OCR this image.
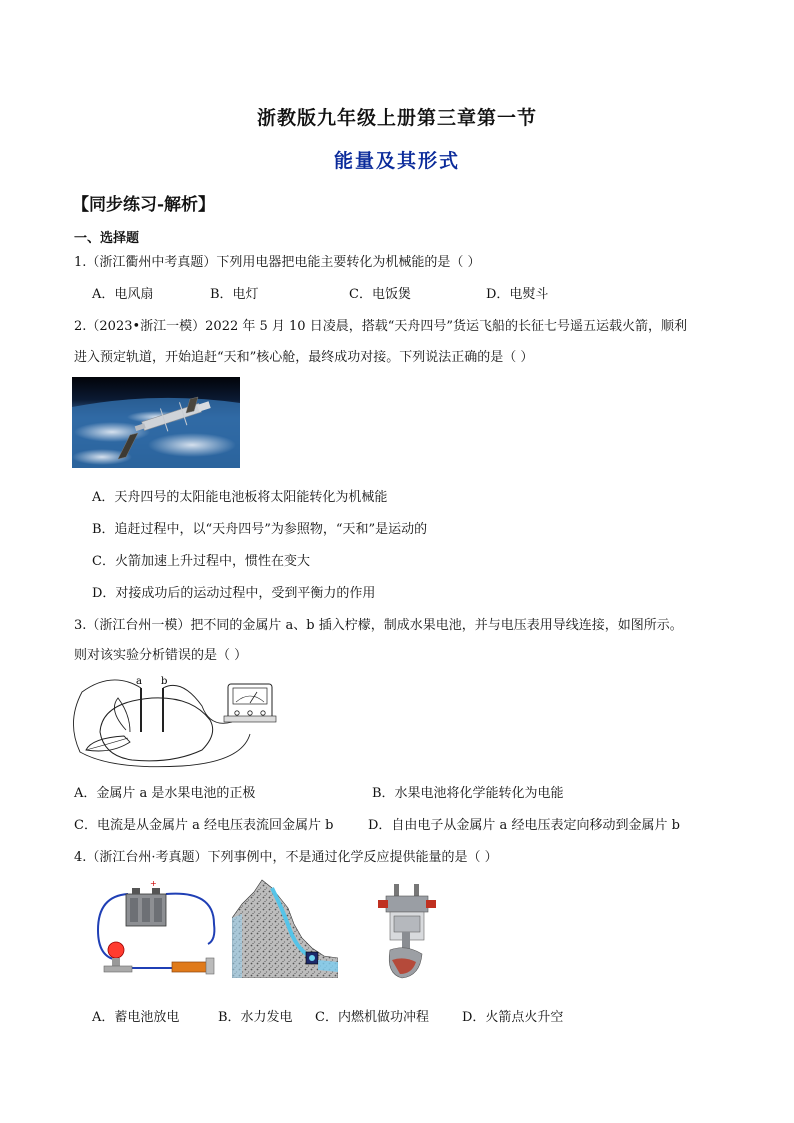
浙教版九年级上册第三章第一节
能量及其形式
【同步练习-解析】
一、选择题
1.（浙江衢州中考真题）下列用电器把电能主要转化为机械能的是（ ）
A．电风扇	B．电灯	C．电饭煲	D．电熨斗
2.（2023•浙江一模）2022 年 5 月 10 日凌晨，搭载“天舟四号”货运飞船的长征七号遥五运载火箭，顺利
进入预定轨道，开始追赶“天和”核心舱，最终成功对接。下列说法正确的是（ ）
A．天舟四号的太阳能电池板将太阳能转化为机械能
B．追赶过程中，以“天舟四号”为参照物，“天和”是运动的
C．火箭加速上升过程中，惯性在变大
D．对接成功后的运动过程中，受到平衡力的作用
3.（浙江台州一模）把不同的金属片 a、b 插入柠檬，制成水果电池，并与电压表用导线连接，如图所示。
则对该实验分析错误的是（ ）
a b
A．金属片 a 是水果电池的正极	B．水果电池将化学能转化为电能
C．电流是从金属片 a 经电压表流回金属片 b	D．自由电子从金属片 a 经电压表定向移动到金属片 b
4.（浙江台州·考真题）下列事例中，不是通过化学反应提供能量的是（ ）
+
A．蓄电池放电	B．水力发电 C．内燃机做功冲程	D．火箭点火升空
